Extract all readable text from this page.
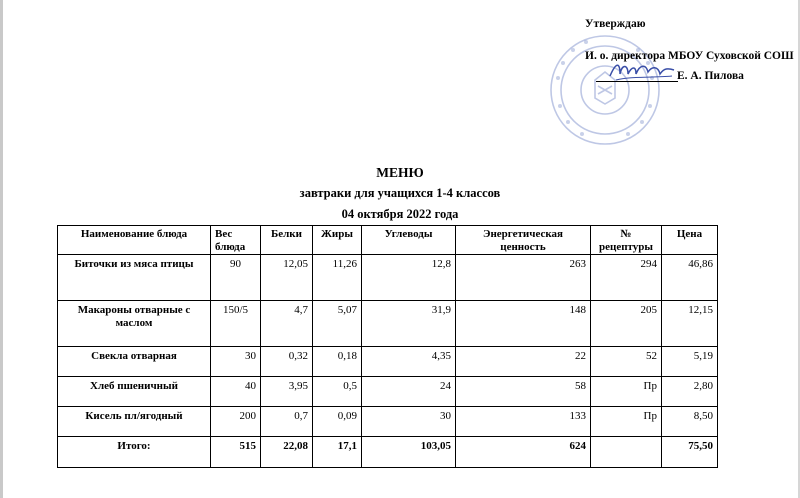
Утверждаю
И. о. директора МБОУ Суховской СОШ
Е. А. Пилова
МЕНЮ
завтраки для учащихся 1-4 классов
04 октября 2022 года
Наименование блюда	Вес блюда	Белки	Жиры	Углеводы	Энергетическая ценность	№ рецептуры	Цена
Биточки из мяса птицы	90	12,05	11,26	12,8	263	294	46,86
Макароны отварные с маслом	150/5	4,7	5,07	31,9	148	205	12,15
Свекла отварная	30	0,32	0,18	4,35	22	52	5,19
Хлеб пшеничный	40	3,95	0,5	24	58	Пр	2,80
Кисель пл/ягодный	200	0,7	0,09	30	133	Пр	8,50
Итого:	515	22,08	17,1	103,05	624		75,50
